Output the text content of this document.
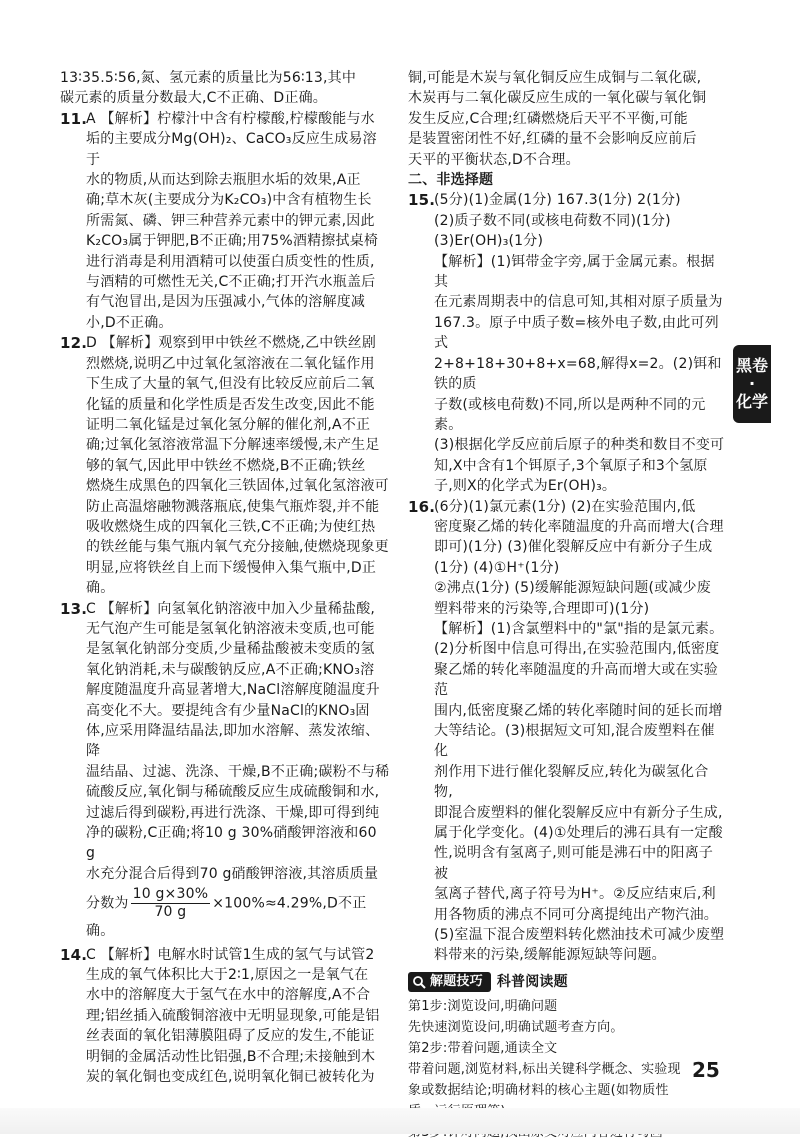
13∶35.5∶56,氮、氢元素的质量比为56∶13,其中

碳元素的质量分数最大,C不正确、D正确。

11.

A 【解析】柠檬汁中含有柠檬酸,柠檬酸能与水

垢的主要成分Mg(OH)₂、CaCO₃反应生成易溶于

水的物质,从而达到除去瓶胆水垢的效果,A正

确;草木灰(主要成分为K₂CO₃)中含有植物生长

所需氮、磷、钾三种营养元素中的钾元素,因此

K₂CO₃属于钾肥,B不正确;用75%酒精擦拭桌椅

进行消毒是利用酒精可以使蛋白质变性的性质,

与酒精的可燃性无关,C不正确;打开汽水瓶盖后

有气泡冒出,是因为压强减小,气体的溶解度减

小,D不正确。

12.

D 【解析】观察到甲中铁丝不燃烧,乙中铁丝剧

烈燃烧,说明乙中过氧化氢溶液在二氧化锰作用

下生成了大量的氧气,但没有比较反应前后二氧

化锰的质量和化学性质是否发生改变,因此不能

证明二氧化锰是过氧化氢分解的催化剂,A不正

确;过氧化氢溶液常温下分解速率缓慢,未产生足

够的氧气,因此甲中铁丝不燃烧,B不正确;铁丝

燃烧生成黑色的四氧化三铁固体,过氧化氢溶液可

防止高温熔融物溅落瓶底,使集气瓶炸裂,并不能

吸收燃烧生成的四氧化三铁,C不正确;为使红热

的铁丝能与集气瓶内氧气充分接触,使燃烧现象更

明显,应将铁丝自上而下缓慢伸入集气瓶中,D正确。

13.

C 【解析】向氢氧化钠溶液中加入少量稀盐酸,

无气泡产生可能是氢氧化钠溶液未变质,也可能

是氢氧化钠部分变质,少量稀盐酸被未变质的氢

氧化钠消耗,未与碳酸钠反应,A不正确;KNO₃溶

解度随温度升高显著增大,NaCl溶解度随温度升

高变化不大。要提纯含有少量NaCl的KNO₃固

体,应采用降温结晶法,即加水溶解、蒸发浓缩、降

温结晶、过滤、洗涤、干燥,B不正确;碳粉不与稀

硫酸反应,氧化铜与稀硫酸反应生成硫酸铜和水,

过滤后得到碳粉,再进行洗涤、干燥,即可得到纯

净的碳粉,C正确;将10 g 30%硝酸钾溶液和60 g

水充分混合后得到70 g硝酸钾溶液,其溶质质量

分数为 $\frac{10 g\times 30\%}{70 g} \times 100\%\approx 4.29\%,D$不正确。

14.

C 【解析】电解水时试管1生成的氢气与试管2

生成的氧气体积比大于2∶1,原因之一是氧气在

水中的溶解度大于氢气在水中的溶解度,A不合

理;铝丝插入硫酸铜溶液中无明显现象,可能是铝

丝表面的氧化铝薄膜阻碍了反应的发生,不能证

明铜的金属活动性比铝强,B不合理;未接触到木

炭的氧化铜也变成红色,说明氧化铜已被转化为

铜,可能是木炭与氧化铜反应生成铜与二氧化碳,

木炭再与二氧化碳反应生成的一氧化碳与氧化铜

发生反应,C合理;红磷燃烧后天平不平衡,可能

是装置密闭性不好,红磷的量不会影响反应前后

天平的平衡状态,D不合理。

二、非选择题

15.

(5分)(1)金属(1分) 167.3(1分) 2(1分)

(2)质子数不同(或核电荷数不同)(1分)

(3)Er(OH)₃(1分)

【解析】(1)铒带金字旁,属于金属元素。根据其

在元素周期表中的信息可知,其相对原子质量为

167.3。原子中质子数=核外电子数,由此可列式

2+8+18+30+8+x=68,解得x=2。(2)铒和铁的质

子数(或核电荷数)不同,所以是两种不同的元素。

(3)根据化学反应前后原子的种类和数目不变可

知,X中含有1个铒原子,3个氧原子和3个氢原

子,则X的化学式为Er(OH)₃。

16.

(6分)(1)氯元素(1分) (2)在实验范围内,低

密度聚乙烯的转化率随温度的升高而增大(合理

即可)(1分) (3)催化裂解反应中有新分子生成

(1分) (4)①H⁺(1分)

②沸点(1分) (5)缓解能源短缺问题(或减少废

塑料带来的污染等,合理即可)(1分)

【解析】(1)含氯塑料中的"氯"指的是氯元素。

(2)分析图中信息可得出,在实验范围内,低密度

聚乙烯的转化率随温度的升高而增大或在实验范

围内,低密度聚乙烯的转化率随时间的延长而增

大等结论。(3)根据短文可知,混合废塑料在催化

剂作用下进行催化裂解反应,转化为碳氢化合物,

即混合废塑料的催化裂解反应中有新分子生成,

属于化学变化。(4)①处理后的沸石具有一定酸

性,说明含有氢离子,则可能是沸石中的阳离子被

氢离子替代,离子符号为H⁺。②反应结束后,利

用各物质的沸点不同可分离提纯出产物汽油。

(5)室温下混合废塑料转化燃油技术可减少废塑

料带来的污染,缓解能源短缺等问题。

解题技巧 科普阅读题

第1步:浏览设问,明确问题

先快速浏览设问,明确试题考查方向。

第2步:带着问题,通读全文

带着问题,浏览材料,标出关键科学概念、实验现

象或数据结论;明确材料的核心主题(如物质性

黑卷
·
化学
25
